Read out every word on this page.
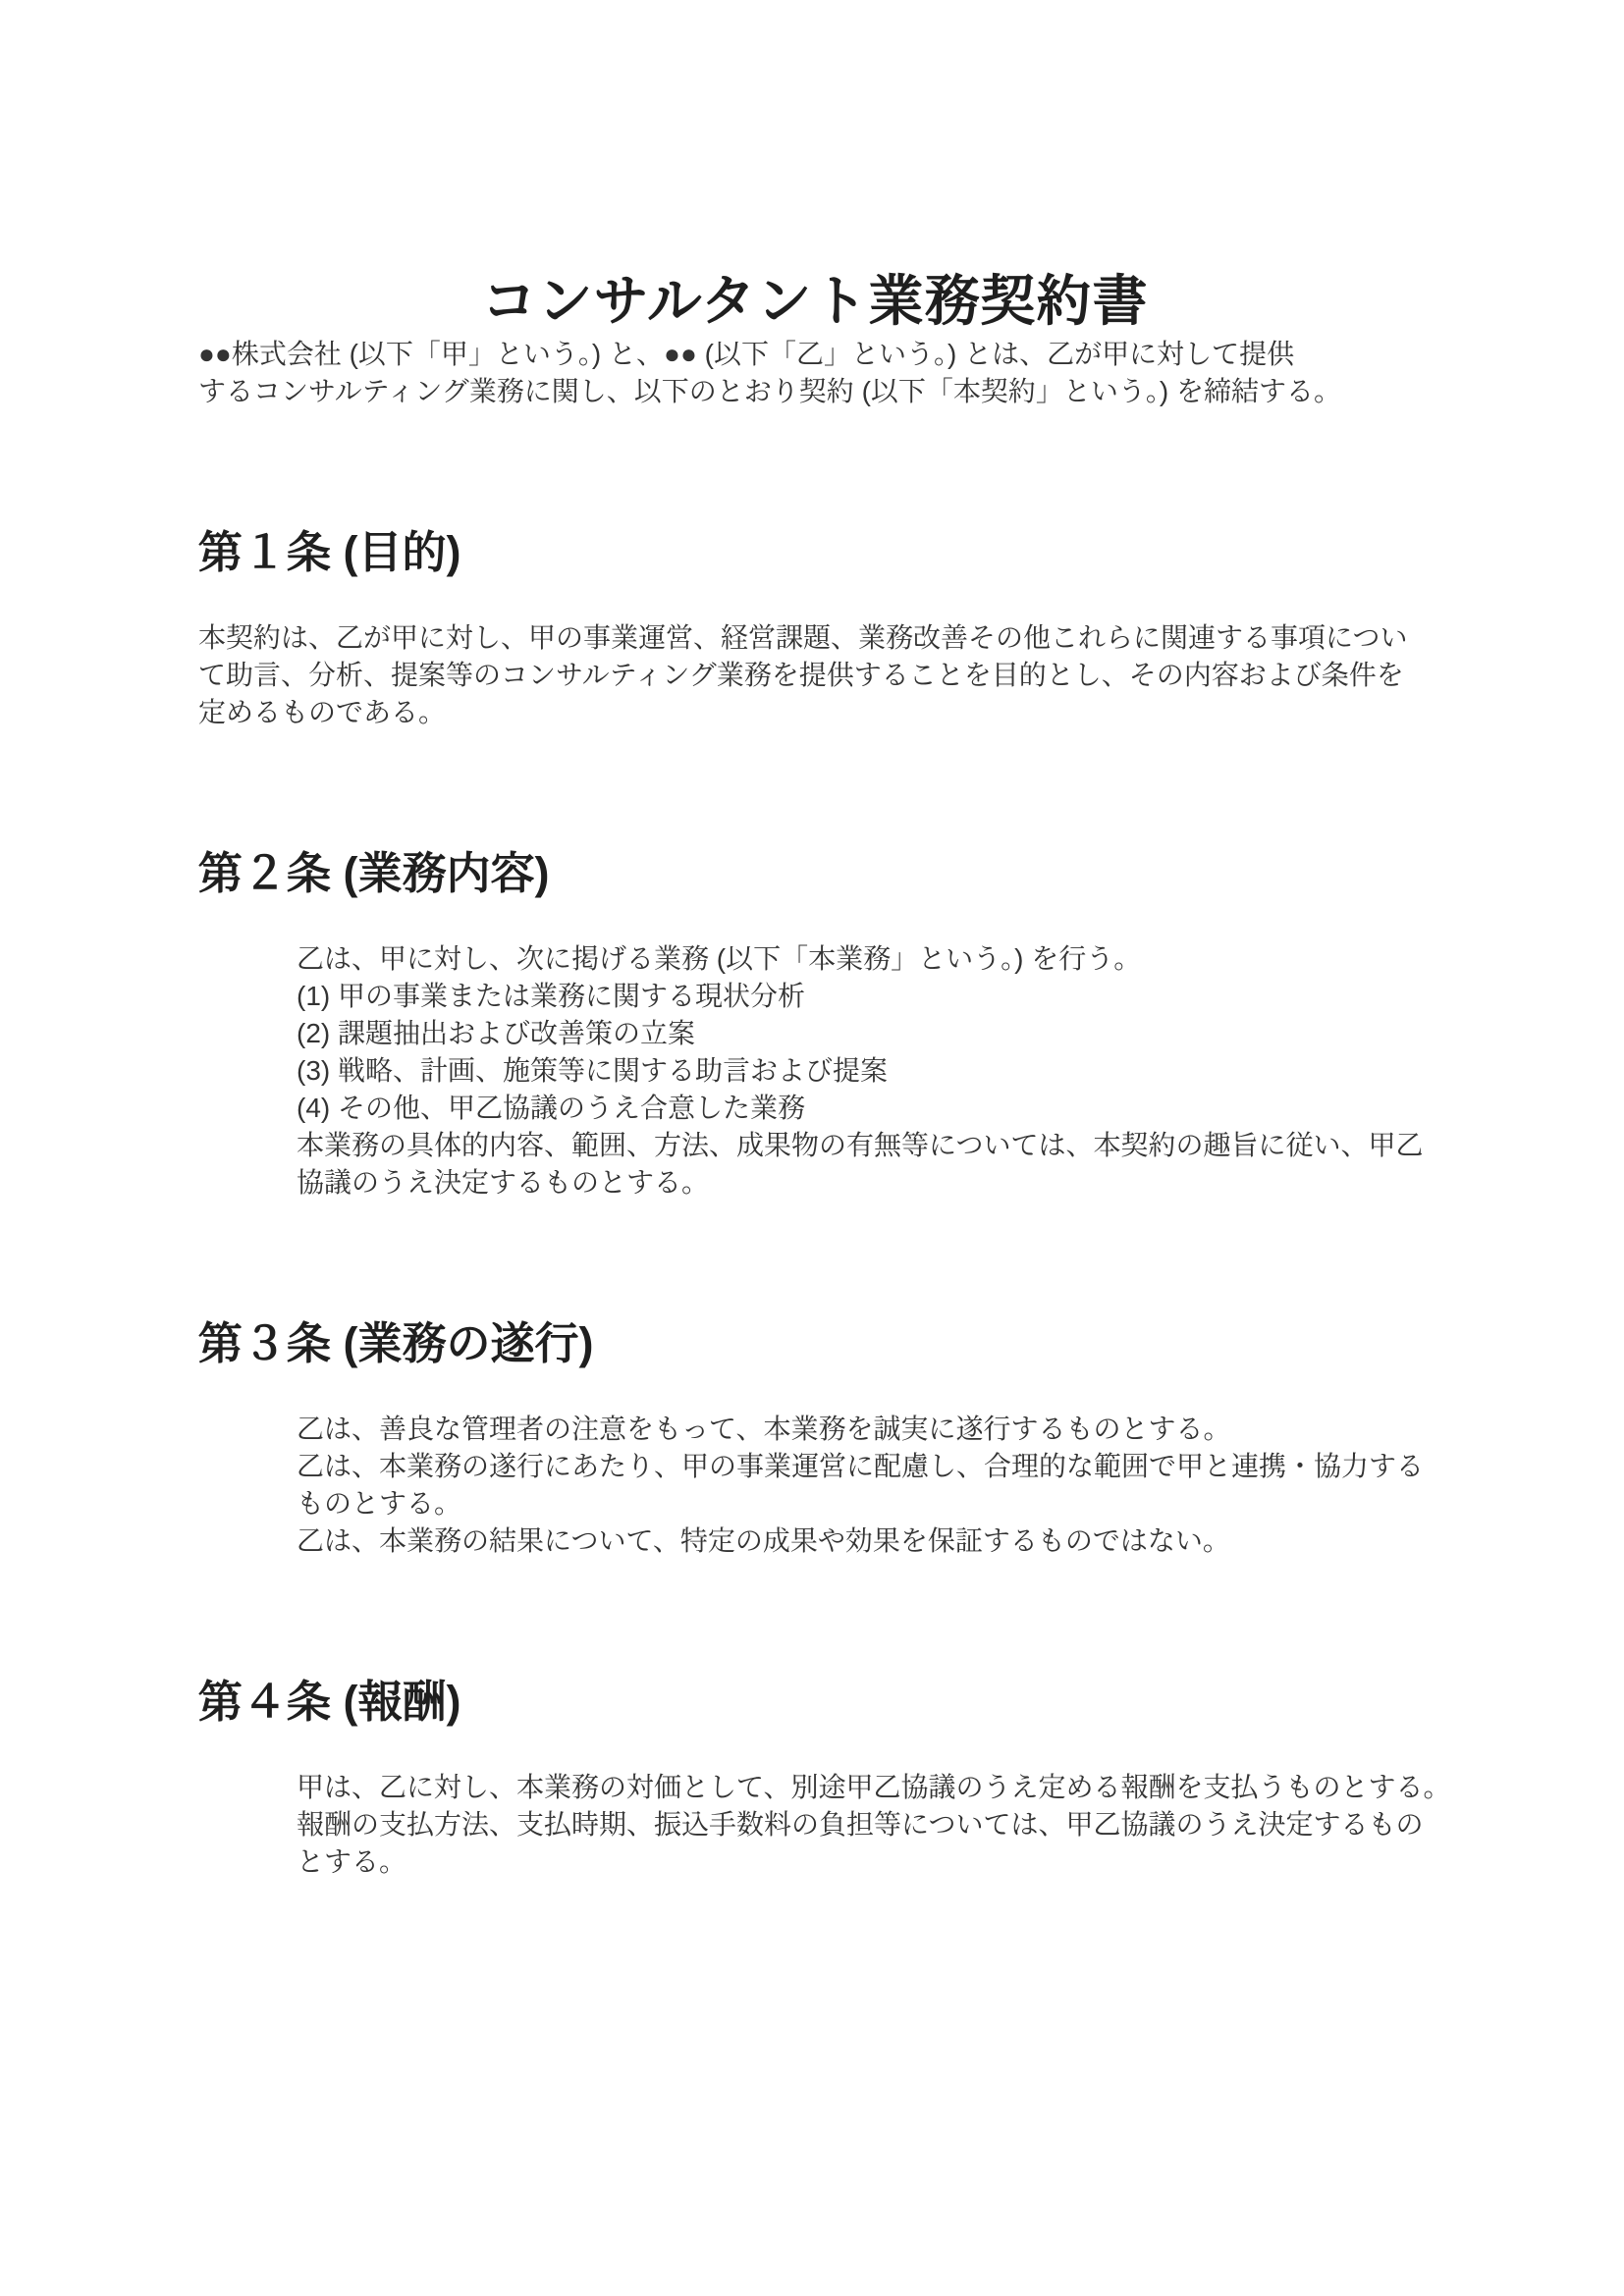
コンサルタント業務契約書
●●株式会社 (以下「甲」という。) と、●● (以下「乙」という。) とは、乙が甲に対して提供
するコンサルティング業務に関し、以下のとおり契約 (以下「本契約」という。) を締結する。
第１条 (目的)
本契約は、乙が甲に対し、甲の事業運営、経営課題、業務改善その他これらに関連する事項につい
て助言、分析、提案等のコンサルティング業務を提供することを目的とし、その内容および条件を
定めるものである。
第２条 (業務内容)
乙は、甲に対し、次に掲げる業務 (以下「本業務」という。) を行う。
(1) 甲の事業または業務に関する現状分析
(2) 課題抽出および改善策の立案
(3) 戦略、計画、施策等に関する助言および提案
(4) その他、甲乙協議のうえ合意した業務
本業務の具体的内容、範囲、方法、成果物の有無等については、本契約の趣旨に従い、甲乙
協議のうえ決定するものとする。
第３条 (業務の遂行)
乙は、善良な管理者の注意をもって、本業務を誠実に遂行するものとする。
乙は、本業務の遂行にあたり、甲の事業運営に配慮し、合理的な範囲で甲と連携・協力する
ものとする。
乙は、本業務の結果について、特定の成果や効果を保証するものではない。
第４条 (報酬)
甲は、乙に対し、本業務の対価として、別途甲乙協議のうえ定める報酬を支払うものとする。
報酬の支払方法、支払時期、振込手数料の負担等については、甲乙協議のうえ決定するもの
とする。
